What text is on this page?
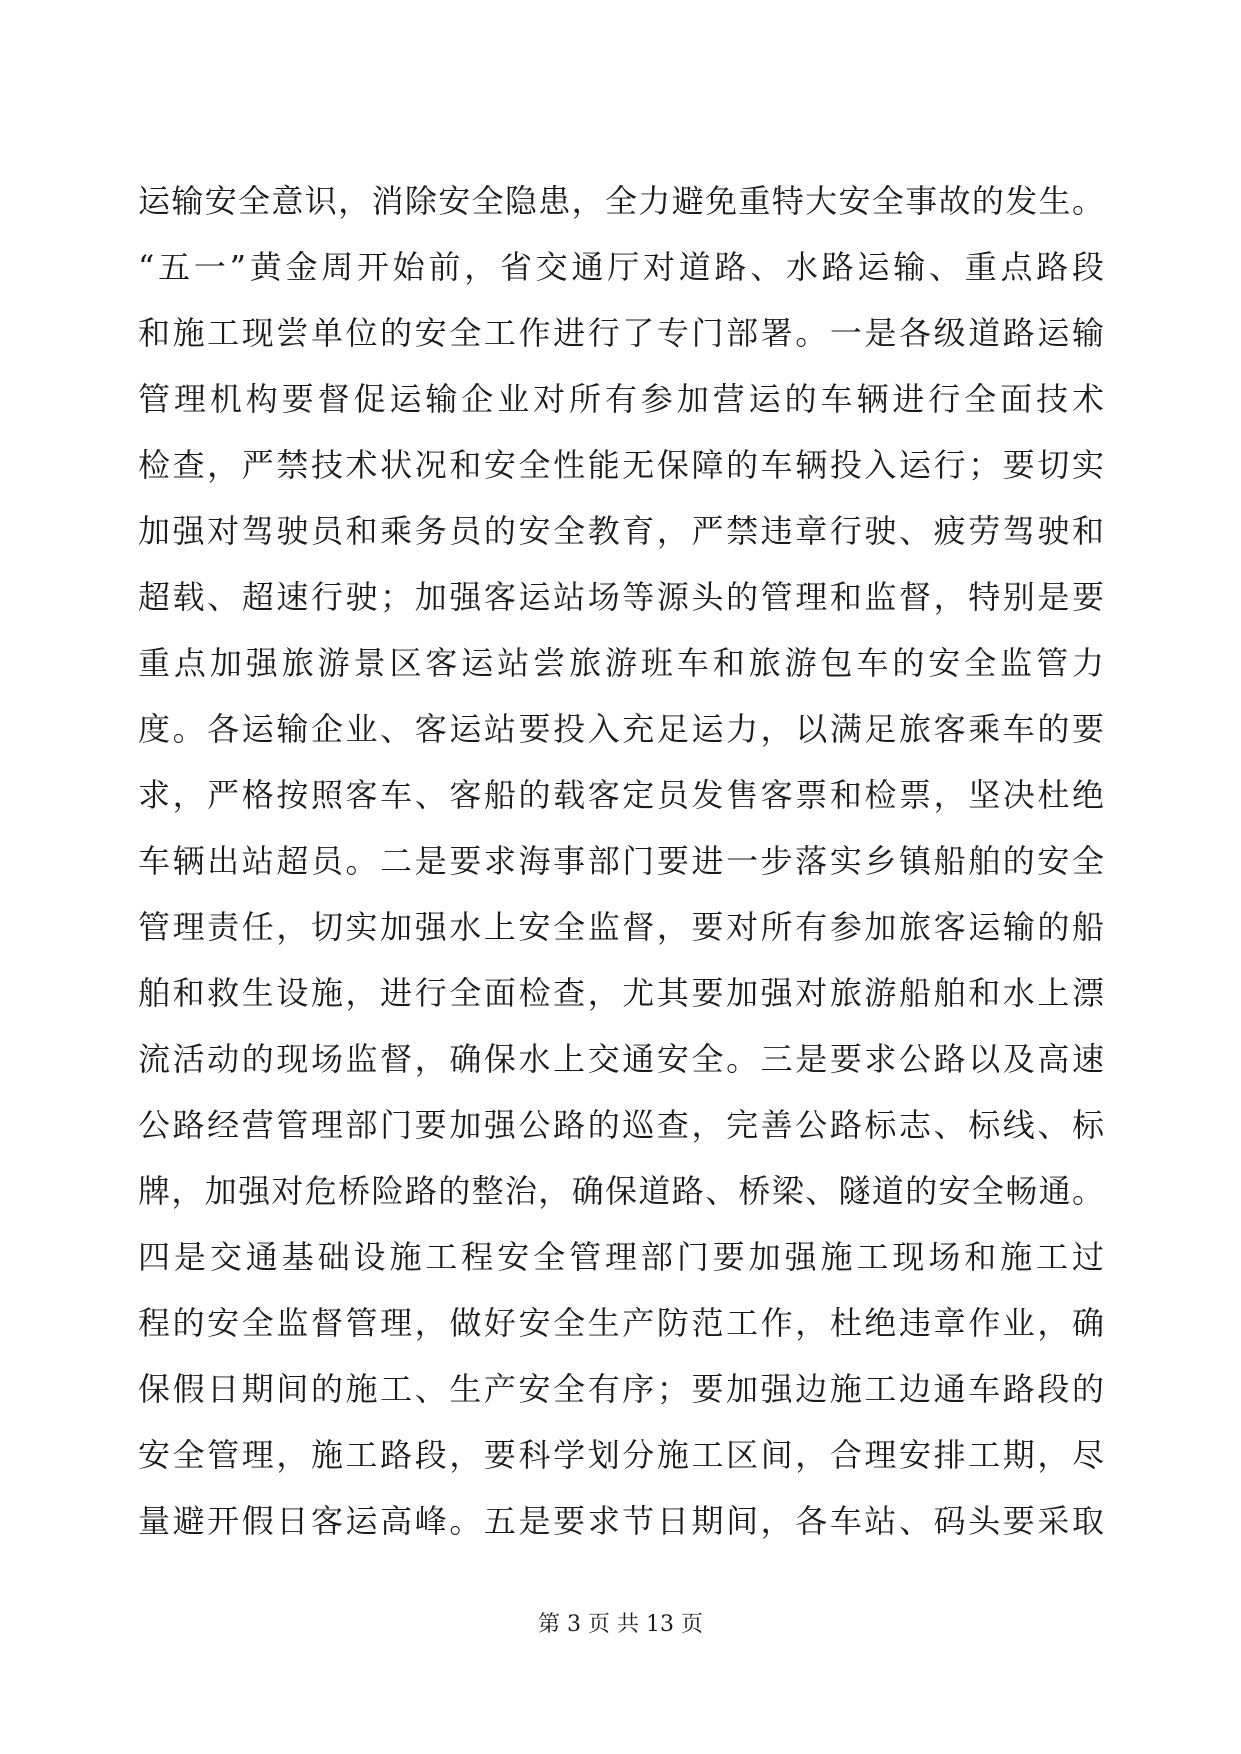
运输安全意识，消除安全隐患，全力避免重特大安全事故的发生。
“五一”黄金周开始前，省交通厅对道路、水路运输、重点路段
和施工现尝单位的安全工作进行了专门部署。一是各级道路运输
管理机构要督促运输企业对所有参加营运的车辆进行全面技术
检查，严禁技术状况和安全性能无保障的车辆投入运行；要切实
加强对驾驶员和乘务员的安全教育，严禁违章行驶、疲劳驾驶和
超载、超速行驶；加强客运站场等源头的管理和监督，特别是要
重点加强旅游景区客运站尝旅游班车和旅游包车的安全监管力
度。各运输企业、客运站要投入充足运力，以满足旅客乘车的要
求，严格按照客车、客船的载客定员发售客票和检票，坚决杜绝
车辆出站超员。二是要求海事部门要进一步落实乡镇船舶的安全
管理责任，切实加强水上安全监督，要对所有参加旅客运输的船
舶和救生设施，进行全面检查，尤其要加强对旅游船舶和水上漂
流活动的现场监督，确保水上交通安全。三是要求公路以及高速
公路经营管理部门要加强公路的巡查，完善公路标志、标线、标
牌，加强对危桥险路的整治，确保道路、桥梁、隧道的安全畅通。
四是交通基础设施工程安全管理部门要加强施工现场和施工过
程的安全监督管理，做好安全生产防范工作，杜绝违章作业，确
保假日期间的施工、生产安全有序；要加强边施工边通车路段的
安全管理，施工路段，要科学划分施工区间，合理安排工期，尽
量避开假日客运高峰。五是要求节日期间，各车站、码头要采取
第 3 页 共 13 页
